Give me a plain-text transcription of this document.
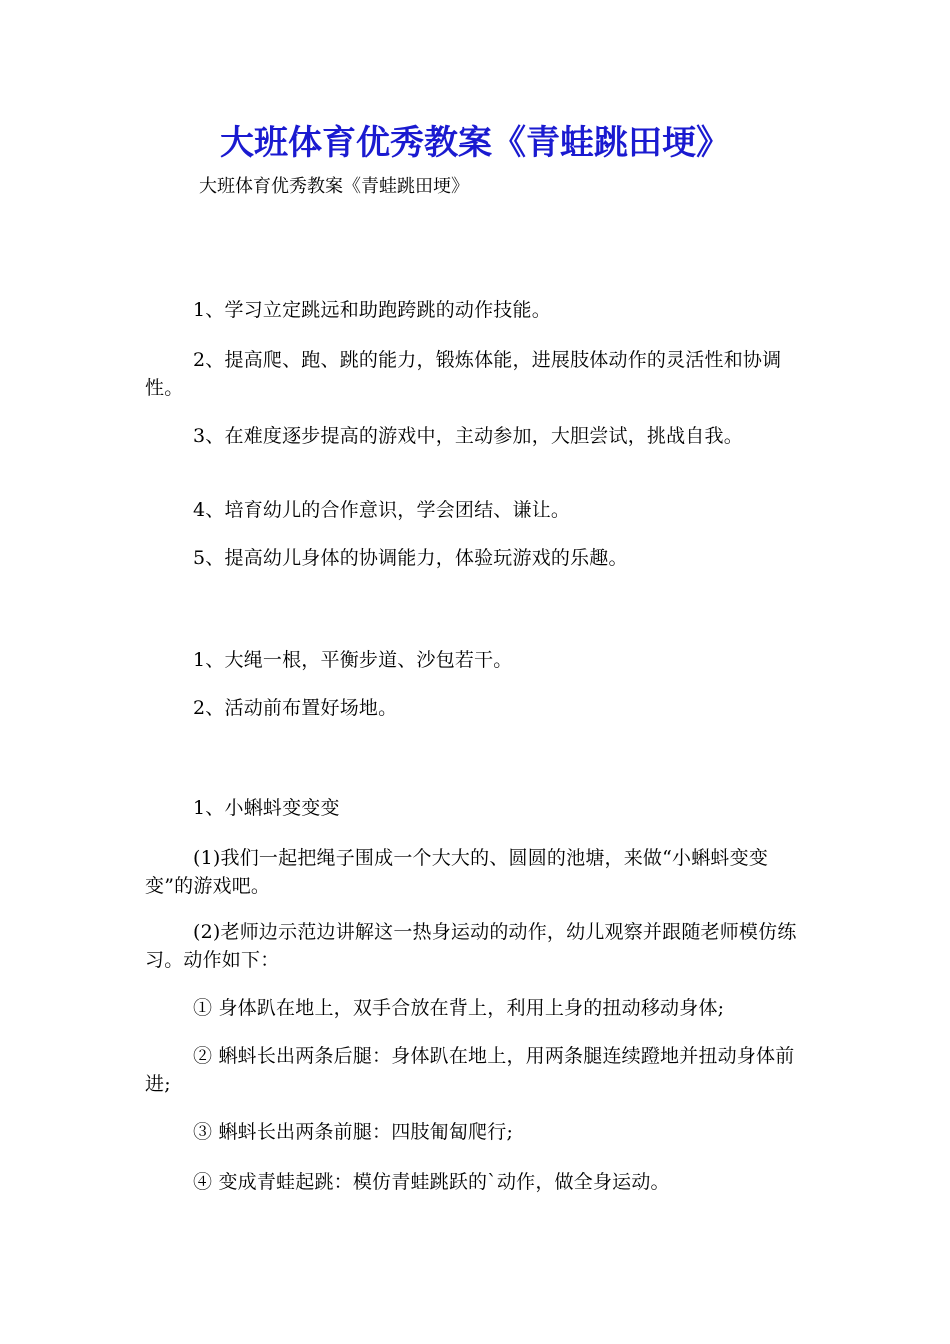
大班体育优秀教案《青蛙跳田埂》
大班体育优秀教案《青蛙跳田埂》
1、学习立定跳远和助跑跨跳的动作技能。
2、提高爬、跑、跳的能力，锻炼体能，进展肢体动作的灵活性和协调性。
3、在难度逐步提高的游戏中，主动参加，大胆尝试，挑战自我。
4、培育幼儿的合作意识，学会团结、谦让。
5、提高幼儿身体的协调能力，体验玩游戏的乐趣。
1、大绳一根，平衡步道、沙包若干。
2、活动前布置好场地。
1、小蝌蚪变变变
(1)我们一起把绳子围成一个大大的、圆圆的池塘，来做“小蝌蚪变变变”的游戏吧。
(2)老师边示范边讲解这一热身运动的动作，幼儿观察并跟随老师模仿练习。动作如下：
① 身体趴在地上，双手合放在背上，利用上身的扭动移动身体;
② 蝌蚪长出两条后腿：身体趴在地上，用两条腿连续蹬地并扭动身体前进;
③ 蝌蚪长出两条前腿：四肢匍匐爬行;
④ 变成青蛙起跳：模仿青蛙跳跃的`动作，做全身运动。
